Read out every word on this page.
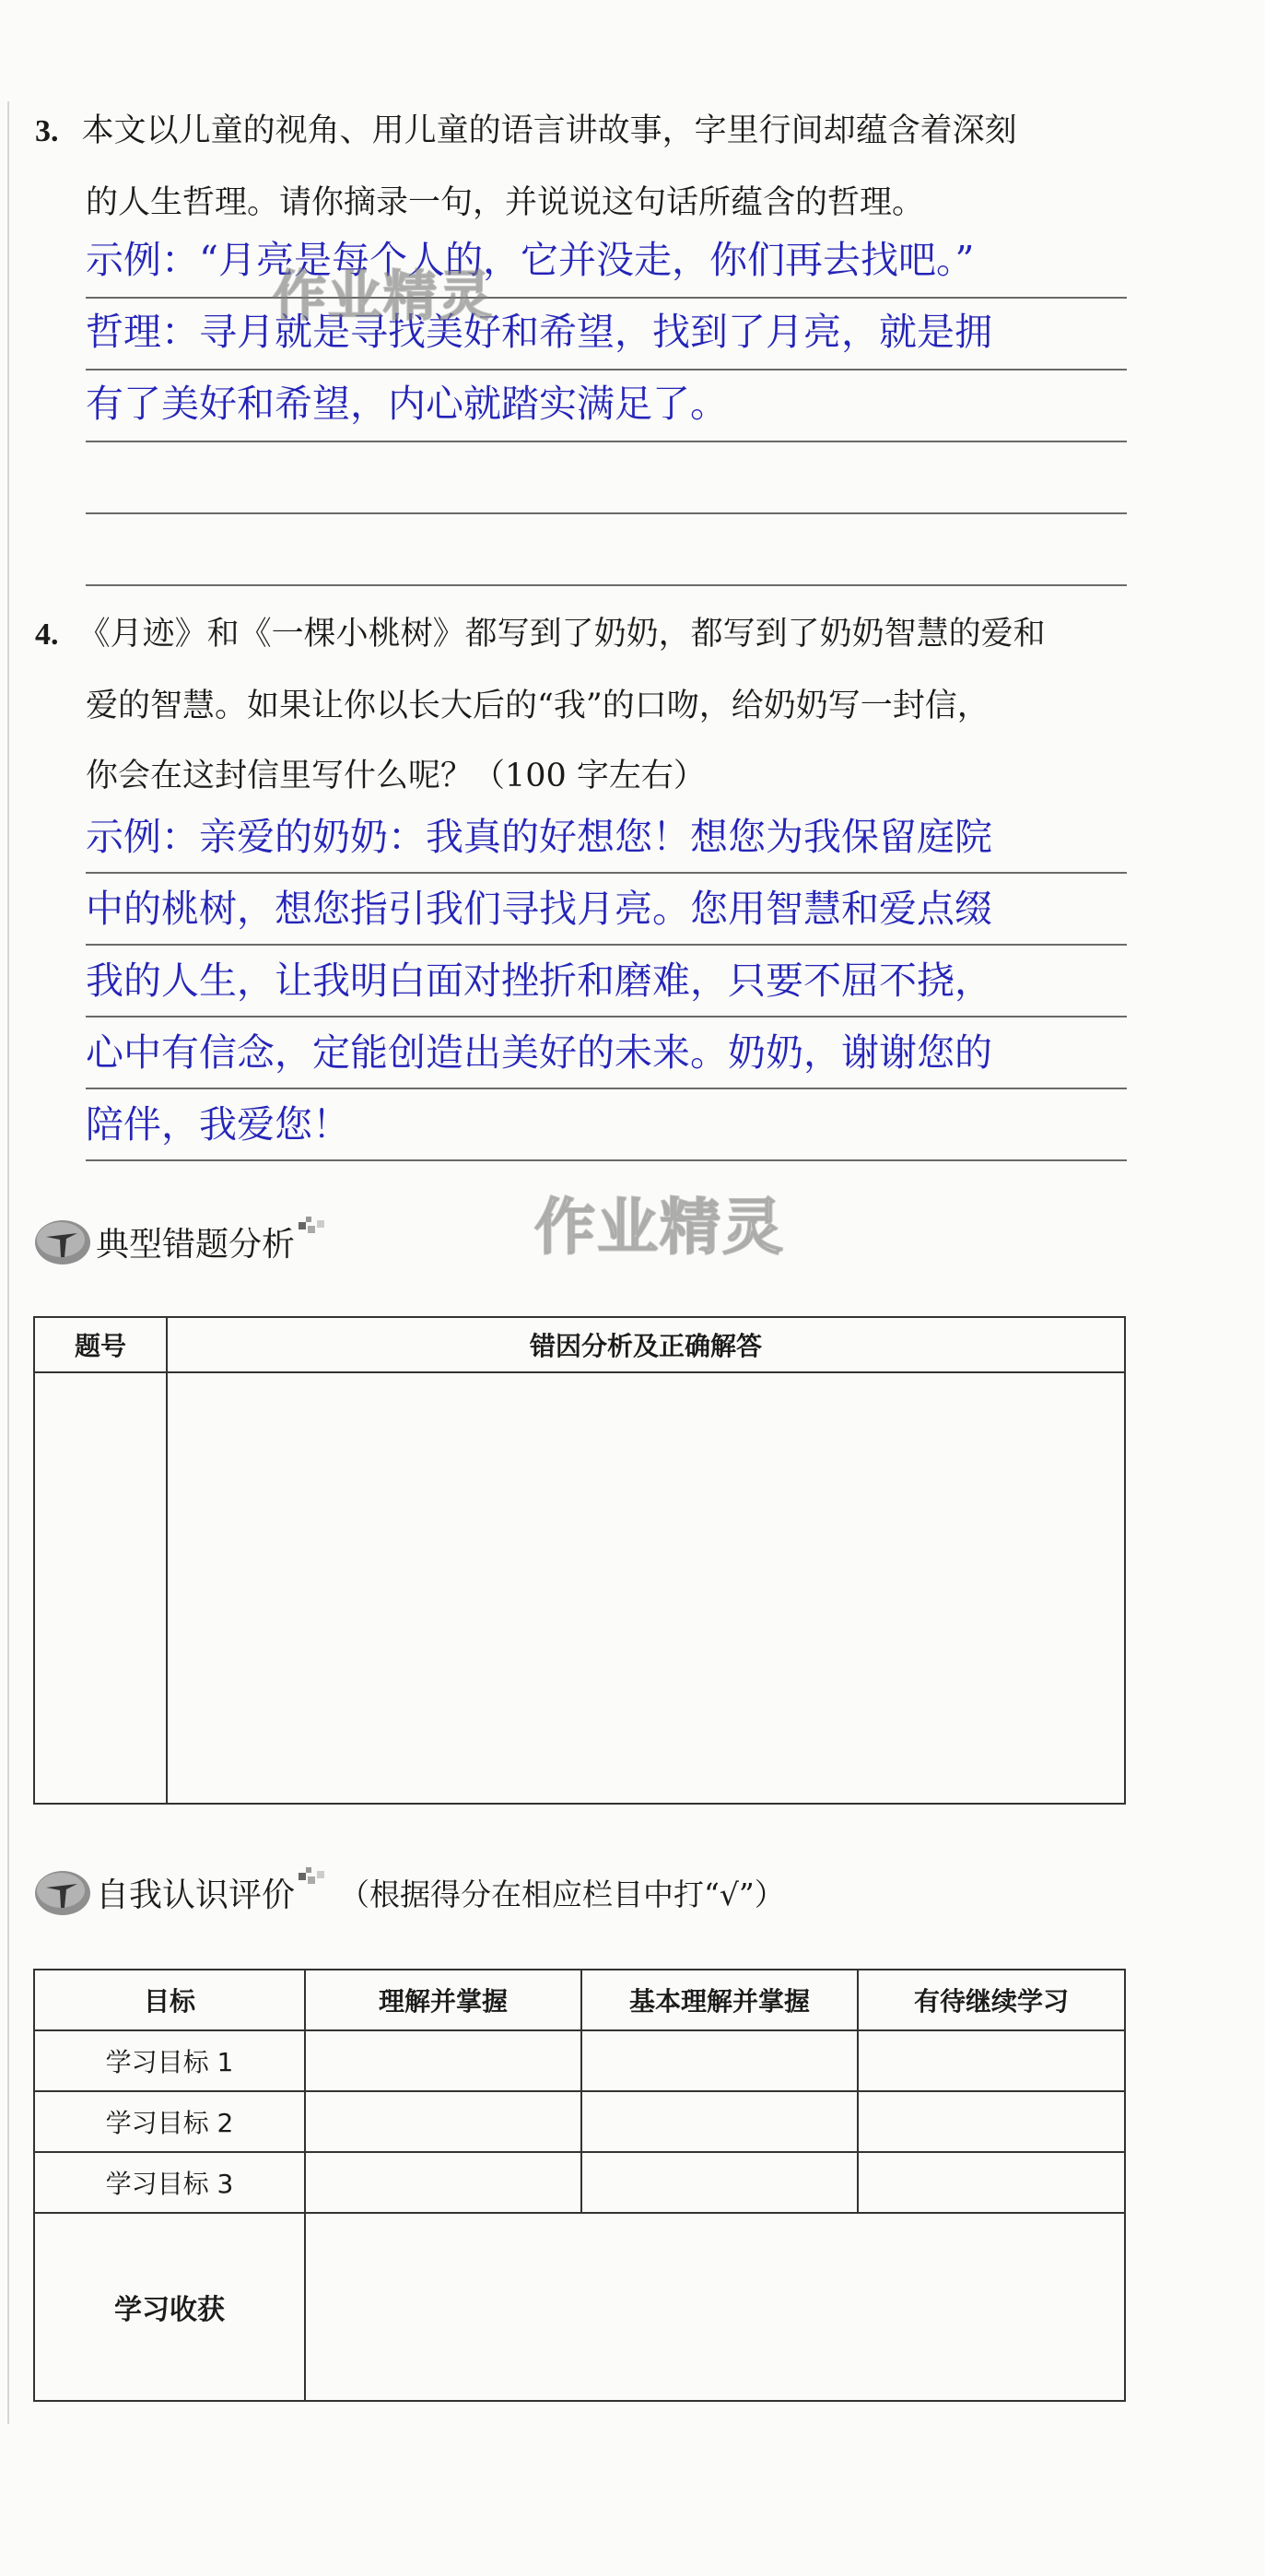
3. 本文以儿童的视角、用儿童的语言讲故事，字里行间却蕴含着深刻
的人生哲理。请你摘录一句，并说说这句话所蕴含的哲理。
示例：“月亮是每个人的，它并没走，你们再去找吧。”
哲理：寻月就是寻找美好和希望，找到了月亮，就是拥
有了美好和希望，内心就踏实满足了。
作业精灵
4. 《月迹》和《一棵小桃树》都写到了奶奶，都写到了奶奶智慧的爱和
爱的智慧。如果让你以长大后的“我”的口吻，给奶奶写一封信，
你会在这封信里写什么呢？（100 字左右）
示例：亲爱的奶奶：我真的好想您！想您为我保留庭院
中的桃树，想您指引我们寻找月亮。您用智慧和爱点缀
我的人生，让我明白面对挫折和磨难，只要不屈不挠，
心中有信念，定能创造出美好的未来。奶奶，谢谢您的
陪伴，我爱您！
典型错题分析	作业精灵
题号	错因分析及正确解答

自我认识评价 （根据得分在相应栏目中打“√”）
目标	理解并掌握	基本理解并掌握	有待继续学习
学习目标 1			
学习目标 2			
学习目标 3			
学习收获			
